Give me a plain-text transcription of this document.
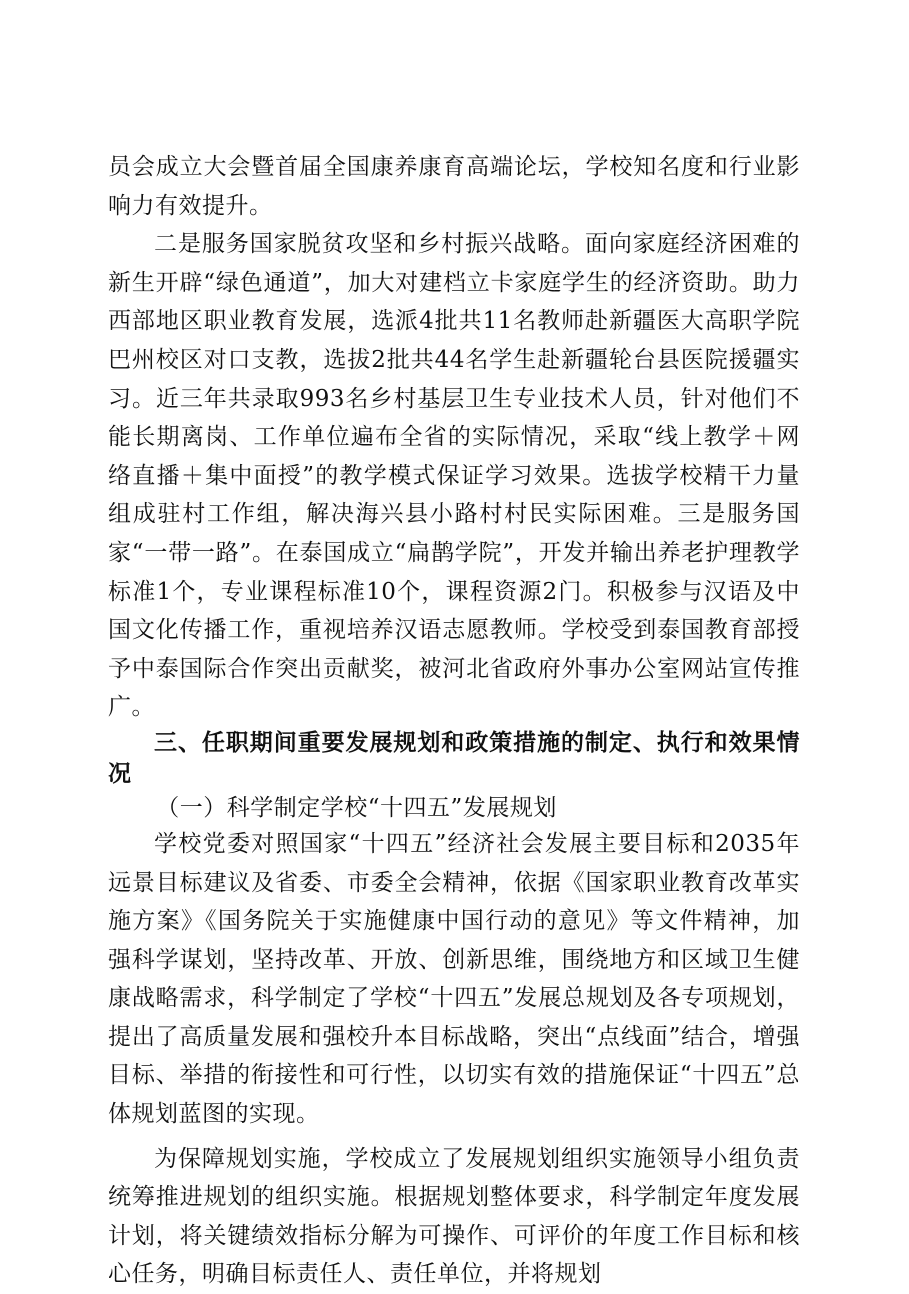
员会成立大会暨首届全国康养康育高端论坛，学校知名度和行业影响力有效提升。

二是服务国家脱贫攻坚和乡村振兴战略。面向家庭经济困难的新生开辟“绿色通道”，加大对建档立卡家庭学生的经济资助。助力西部地区职业教育发展，选派4批共11名教师赴新疆医大高职学院巴州校区对口支教，选拔2批共44名学生赴新疆轮台县医院援疆实习。近三年共录取993名乡村基层卫生专业技术人员，针对他们不能长期离岗、工作单位遍布全省的实际情况，采取“线上教学＋网络直播＋集中面授”的教学模式保证学习效果。选拔学校精干力量组成驻村工作组，解决海兴县小路村村民实际困难。三是服务国家“一带一路”。在泰国成立“扁鹊学院”，开发并输出养老护理教学标准1个，专业课程标准10个，课程资源2门。积极参与汉语及中国文化传播工作，重视培养汉语志愿教师。学校受到泰国教育部授予中泰国际合作突出贡献奖，被河北省政府外事办公室网站宣传推广。

三、任职期间重要发展规划和政策措施的制定、执行和效果情况

（一）科学制定学校“十四五”发展规划

学校党委对照国家“十四五”经济社会发展主要目标和2035年远景目标建议及省委、市委全会精神，依据《国家职业教育改革实施方案》《国务院关于实施健康中国行动的意见》等文件精神，加强科学谋划，坚持改革、开放、创新思维，围绕地方和区域卫生健康战略需求，科学制定了学校“十四五”发展总规划及各专项规划，提出了高质量发展和强校升本目标战略，突出“点线面”结合，增强目标、举措的衔接性和可行性，以切实有效的措施保证“十四五”总体规划蓝图的实现。

为保障规划实施，学校成立了发展规划组织实施领导小组负责统筹推进规划的组织实施。根据规划整体要求，科学制定年度发展计划，将关键绩效指标分解为可操作、可评价的年度工作目标和核心任务，明确目标责任人、责任单位，并将规划
